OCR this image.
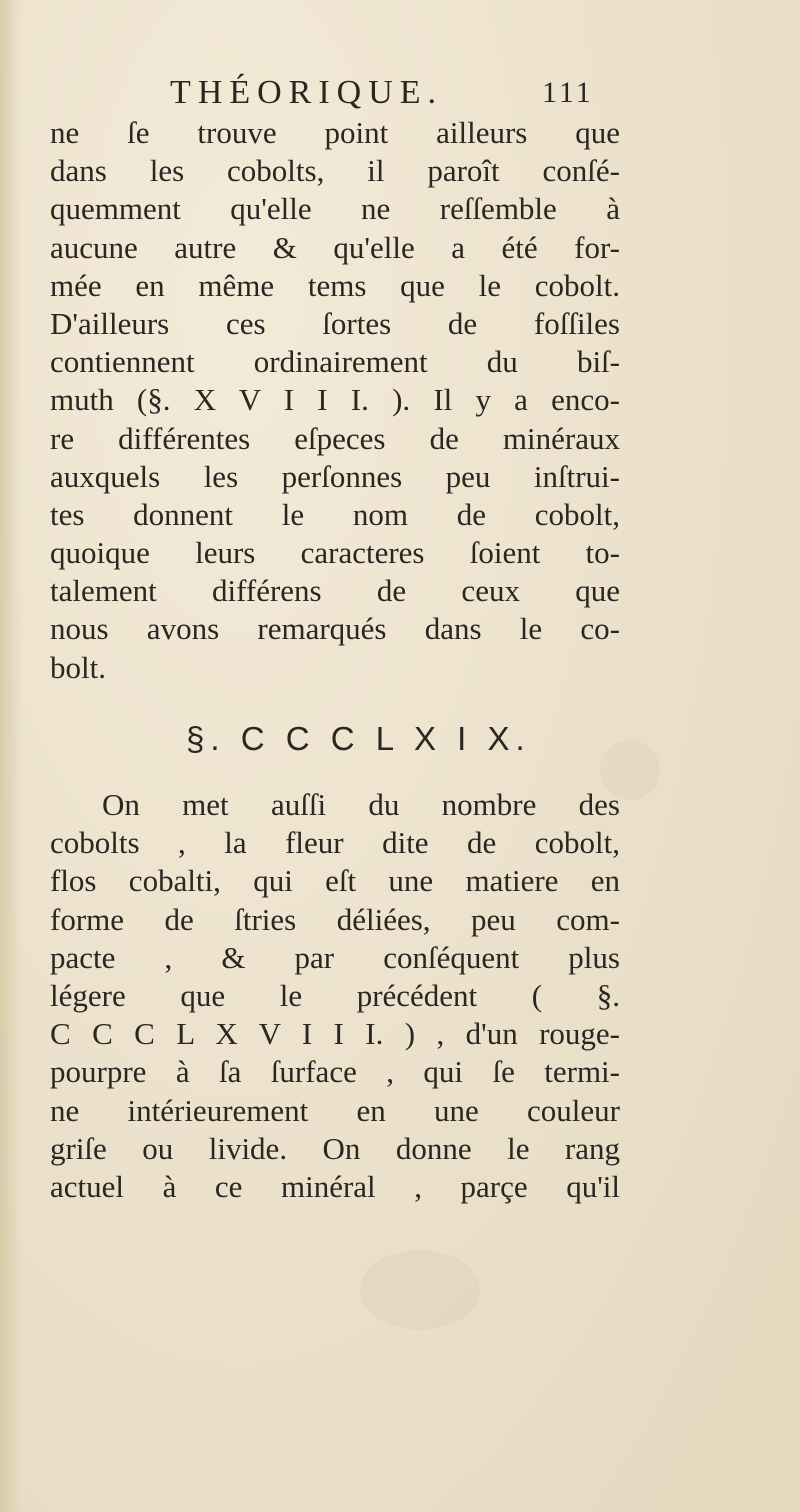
THÉORIQUE.	111
ne ſe trouve point ailleurs que
dans les cobolts, il paroît conſé-
quemment qu'elle ne reſſemble à
aucune autre & qu'elle a été for-
mée en même tems que le cobolt.
D'ailleurs ces ſortes de foſſiles
contiennent ordinairement du biſ-
muth (§. X V I I I. ). Il y a enco-
re différentes eſpeces de minéraux
auxquels les perſonnes peu inſtrui-
tes donnent le nom de cobolt,
quoique leurs caracteres ſoient to-
talement différens de ceux que
nous avons remarqués dans le co-
bolt.
§. C C C L X I X.
On met auſſi du nombre des
cobolts , la fleur dite de cobolt,
flos cobalti, qui eſt une matiere en
forme de ſtries déliées, peu com-
pacte , & par conſéquent plus
légere que le précédent ( §.
C C C L X V I I I. ) , d'un rouge-
pourpre à ſa ſurface , qui ſe termi-
ne intérieurement en une couleur
griſe ou livide. On donne le rang
actuel à ce minéral , parçe qu'il
